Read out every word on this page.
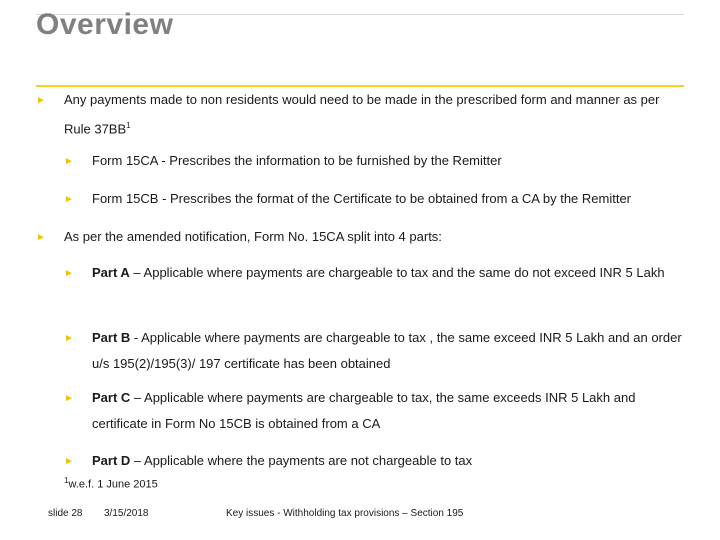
Overview
► Any payments made to non residents would need to be made in the prescribed form and manner as per Rule 37BB$^1$
► Form 15CA - Prescribes the information to be furnished by the Remitter
► Form 15CB - Prescribes the format of the Certificate to be obtained from a CA by the Remitter
► As per the amended notification, Form No. 15CA split into 4 parts:
► Part A – Applicable where payments are chargeable to tax and the same do not exceed INR 5 Lakh
► Part B - Applicable where payments are chargeable to tax , the same exceed INR 5 Lakh and an order u/s 195(2)/195(3)/ 197 certificate has been obtained
► Part C – Applicable where payments are chargeable to tax, the same exceeds INR 5 Lakh and certificate in Form No 15CB is obtained from a CA
► Part D – Applicable where the payments are not chargeable to tax
$^1$w.e.f. 1 June 2015
slide 28 3/15/2018	Key issues - Withholding tax provisions – Section 195
